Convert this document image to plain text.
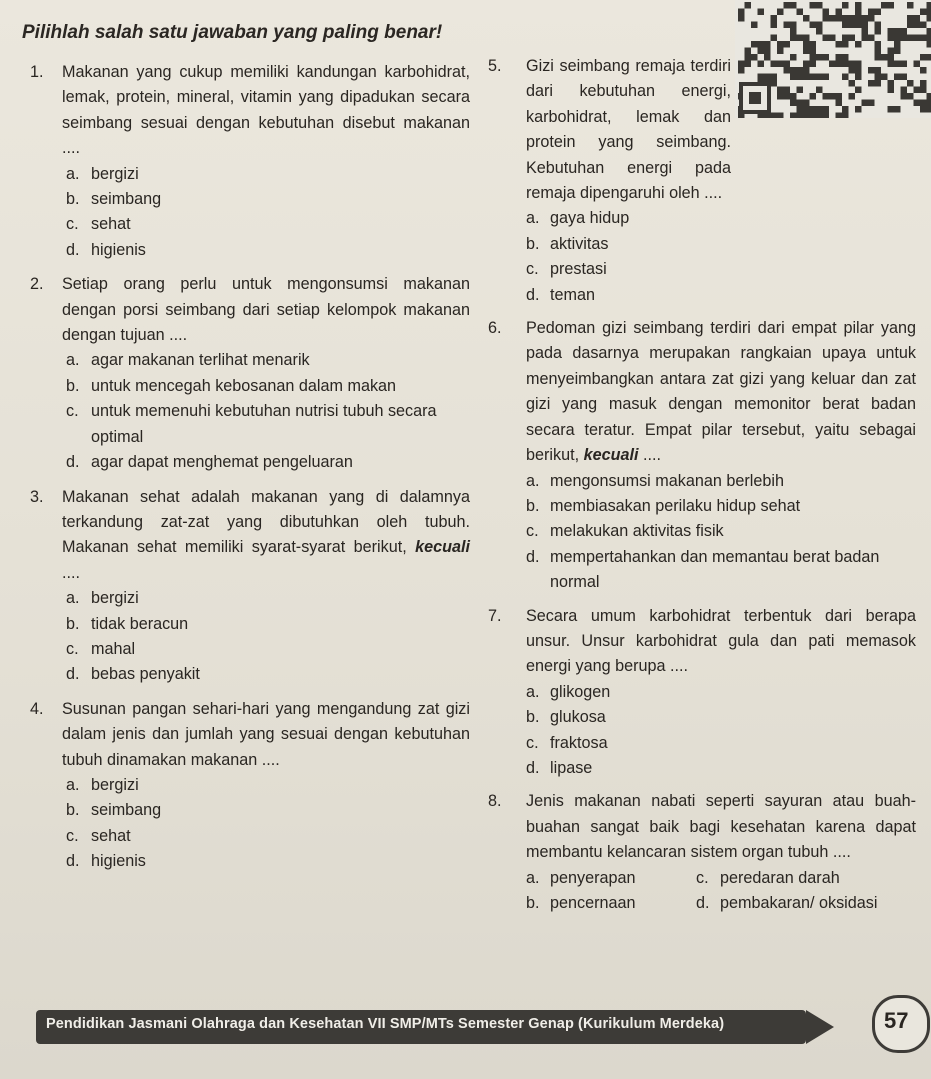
Pilihlah salah satu jawaban yang paling benar!
1. Makanan yang cukup memiliki kandungan karbohidrat, lemak, protein, mineral, vitamin yang dipadukan secara seimbang sesuai dengan kebutuhan disebut makanan ....
a. bergizi
b. seimbang
c. sehat
d. higienis
2. Setiap orang perlu untuk mengonsumsi makanan dengan porsi seimbang dari setiap kelompok makanan dengan tujuan ....
a. agar makanan terlihat menarik
b. untuk mencegah kebosanan dalam makan
c. untuk memenuhi kebutuhan nutrisi tubuh secara optimal
d. agar dapat menghemat pengeluaran
3. Makanan sehat adalah makanan yang di dalamnya terkandung zat-zat yang dibutuhkan oleh tubuh. Makanan sehat memiliki syarat-syarat berikut, kecuali ....
a. bergizi
b. tidak beracun
c. mahal
d. bebas penyakit
4. Susunan pangan sehari-hari yang mengandung zat gizi dalam jenis dan jumlah yang sesuai dengan kebutuhan tubuh dinamakan makanan ....
a. bergizi
b. seimbang
c. sehat
d. higienis
5. Gizi seimbang remaja terdiri dari kebutuhan energi, karbohidrat, lemak dan protein yang seimbang. Kebutuhan energi pada remaja dipengaruhi oleh ....
a. gaya hidup
b. aktivitas
c. prestasi
d. teman
6. Pedoman gizi seimbang terdiri dari empat pilar yang pada dasarnya merupakan rangkaian upaya untuk menyeimbangkan antara zat gizi yang keluar dan zat gizi yang masuk dengan memonitor berat badan secara teratur. Empat pilar tersebut, yaitu sebagai berikut, kecuali ....
a. mengonsumsi makanan berlebih
b. membiasakan perilaku hidup sehat
c. melakukan aktivitas fisik
d. mempertahankan dan memantau berat badan normal
7. Secara umum karbohidrat terbentuk dari berapa unsur. Unsur karbohidrat gula dan pati memasok energi yang berupa ....
a. glikogen
b. glukosa
c. fraktosa
d. lipase
8. Jenis makanan nabati seperti sayuran atau buah-buahan sangat baik bagi kesehatan karena dapat membantu kelancaran sistem organ tubuh ....
a. penyerapan	c. peredaran darah
b. pencernaan	d. pembakaran/ oksidasi
Pendidikan Jasmani Olahraga dan Kesehatan VII SMP/MTs Semester Genap (Kurikulum Merdeka)	57
